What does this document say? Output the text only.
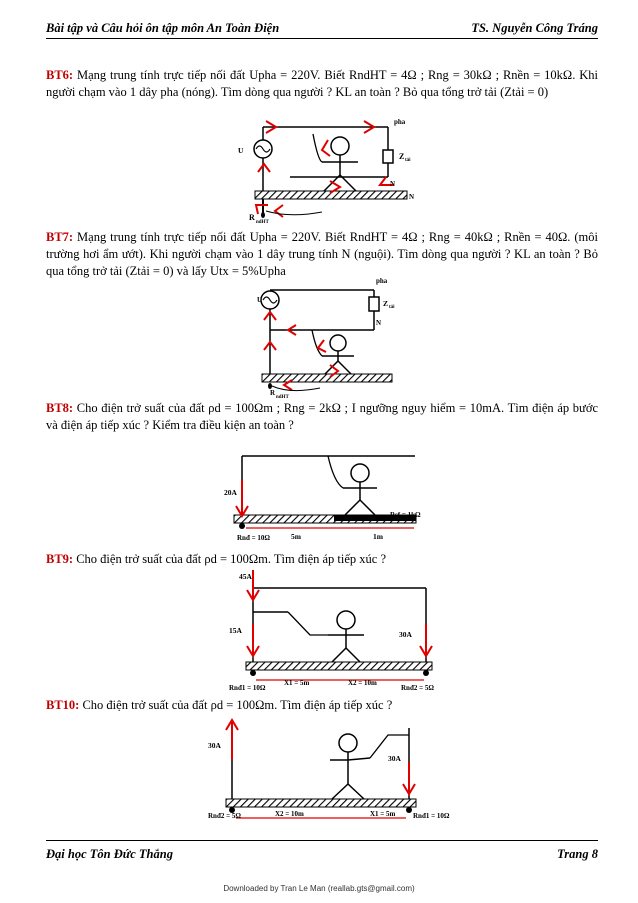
Bài tập và Câu hỏi ôn tập môn An Toàn Điện	TS. Nguyễn Công Tráng
BT6: Mạng trung tính trực tiếp nối đất Upha = 220V. Biết RndHT = 4Ω ; Rng = 30kΩ ; Rnền = 10kΩ. Khi người chạm vào 1 dây pha (nóng). Tìm dòng qua người ? KL an toàn ? Bỏ qua tổng trở tải (Ztải = 0)
pha
U
Z tải
N
N
R
ndHT
pha
U	Z tải
N
R
ndHT
20A
Rnđ = 10Ω	5m	1m
Rsf = 1kΩ
45A
15A	30A
Rnđ1 = 10Ω
X1 = 5m	X2 = 10m
Rnđ2 = 5Ω
30A
30A
Rnđ2 = 5Ω	X2 = 10m	X1 = 5m	Rnđ1 = 10Ω
BT7: Mạng trung tính trực tiếp nối đất Upha = 220V. Biết RndHT = 4Ω ; Rng = 40kΩ ; Rnền = 40Ω. (môi trường hơi ẩm ướt). Khi người chạm vào 1 dây trung tính N (nguội). Tìm dòng qua người ? KL an toàn ? Bỏ qua tổng trở tải (Ztải = 0) và lấy Utx = 5%Upha
BT8: Cho điện trở suất của đất ρd = 100Ωm ; Rng = 2kΩ ; I ngưỡng nguy hiểm = 10mA. Tìm điện áp bước và điện áp tiếp xúc ? Kiểm tra điều kiện an toàn ?
BT9: Cho điện trở suất của đất ρd = 100Ωm. Tìm điện áp tiếp xúc ?
BT10: Cho điện trở suất của đất ρd = 100Ωm. Tìm điện áp tiếp xúc ?
Đại học Tôn Đức Thắng	Trang 8
Downloaded by Tran Le Man (reallab.gts@gmail.com)
